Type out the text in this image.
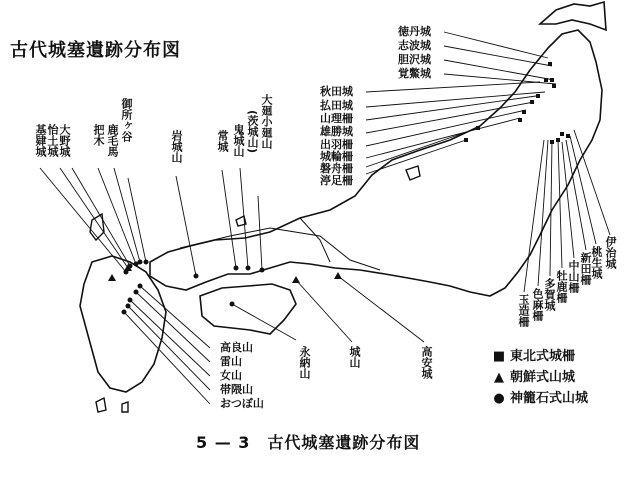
古代城塞遺跡分布図
徳丹城
志波城
胆沢城
覚鱉城
秋田城
払田城
山理柵
雄勝城
出羽柵
城輪柵
磐舟柵
渟足柵
伊治城
桃生城
新田柵
中山柵
牡鹿柵
多賀城
色麻柵
玉造柵
基肄城 怡土城 大野城 把木 鹿毛馬 御所ヶ谷
岩城山	常城 鬼城山 大廻小廻山
(茨城山)
高良山
雷山
女山
帯隈山
おつぼ山
永納山	城山	高安城	■ 東北式城柵
▲ 朝鮮式山城
● 神籠石式山城
5 — 3　古代城塞遺跡分布図
